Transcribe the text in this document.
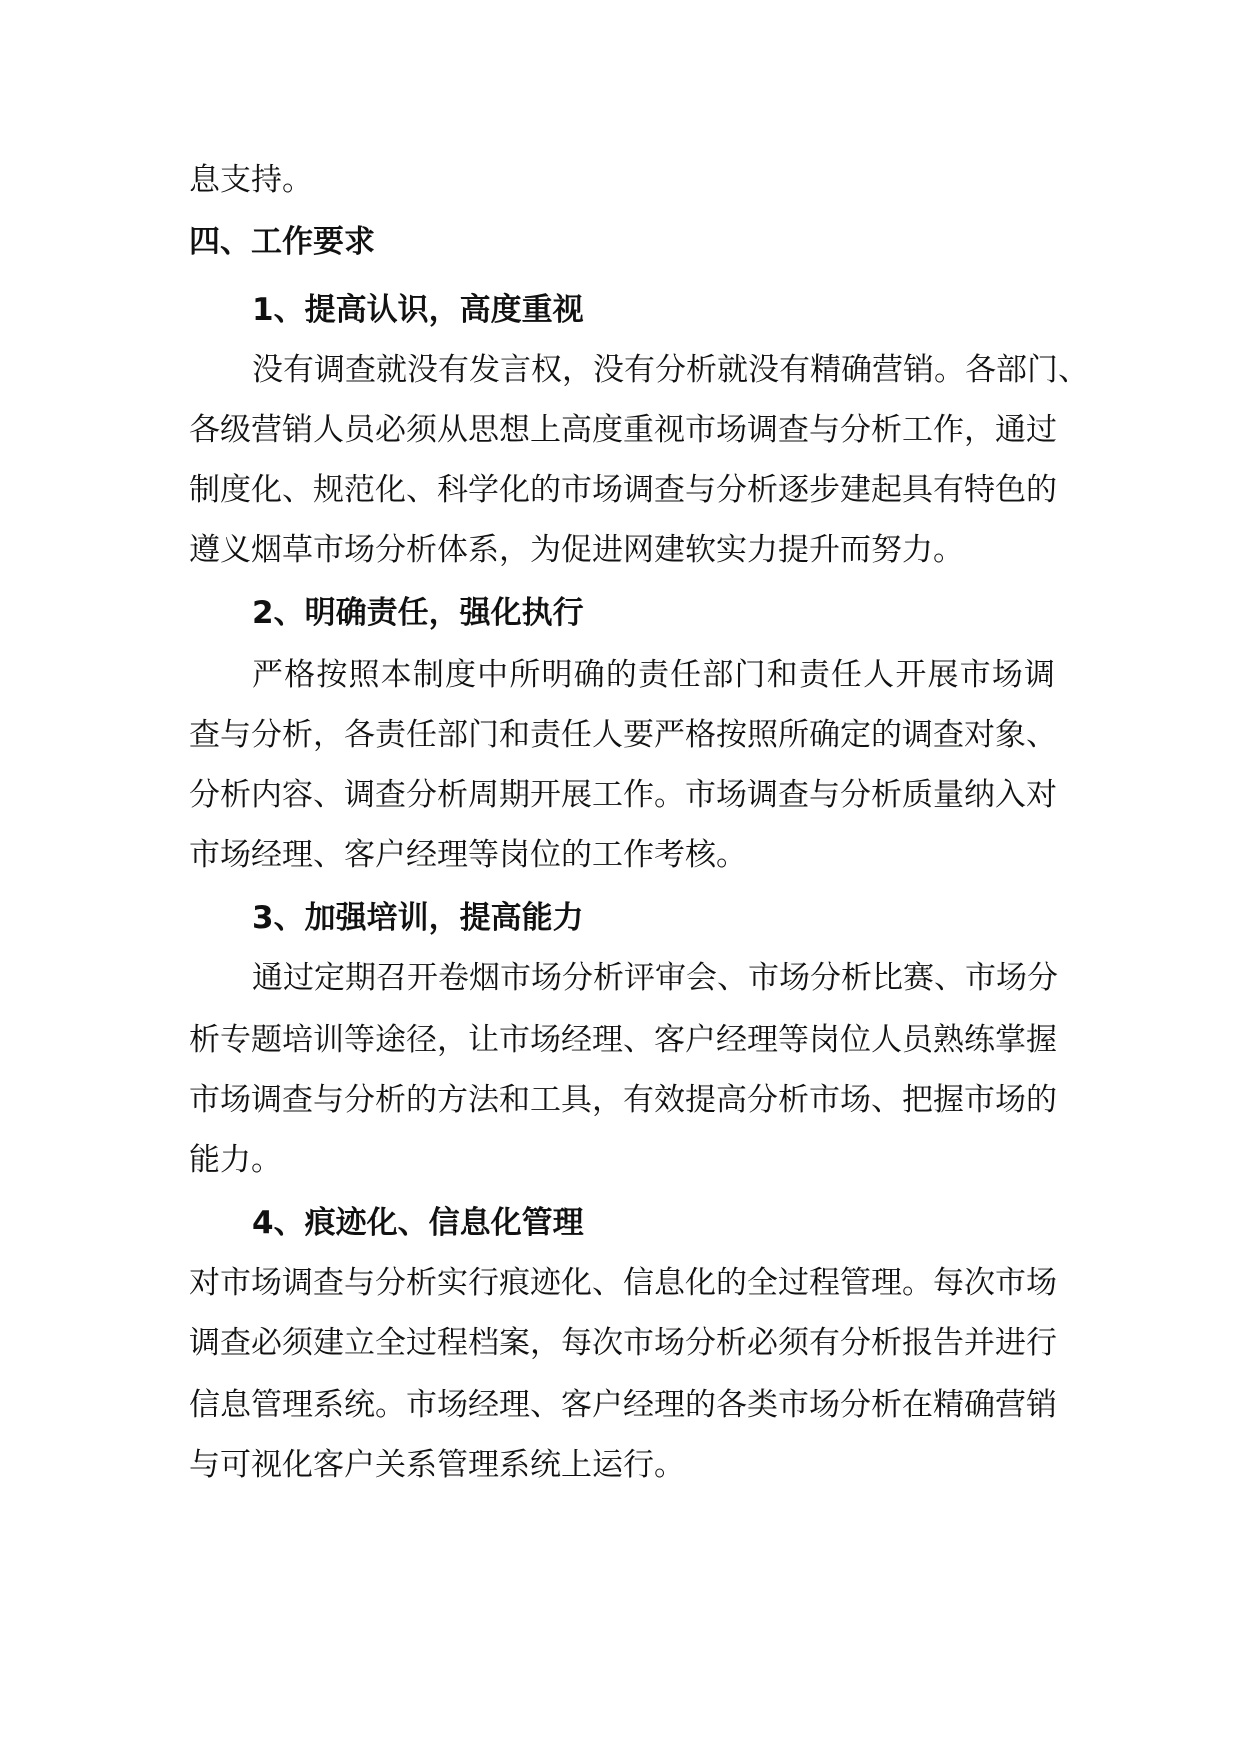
息支持。
四、工作要求
1、提高认识，高度重视
没有调查就没有发言权，没有分析就没有精确营销。各部门、
各级营销人员必须从思想上高度重视市场调查与分析工作，通过
制度化、规范化、科学化的市场调查与分析逐步建起具有特色的
遵义烟草市场分析体系，为促进网建软实力提升而努力。
2、明确责任，强化执行
严格按照本制度中所明确的责任部门和责任人开展市场调
查与分析，各责任部门和责任人要严格按照所确定的调查对象、
分析内容、调查分析周期开展工作。市场调查与分析质量纳入对
市场经理、客户经理等岗位的工作考核。
3、加强培训，提高能力
通过定期召开卷烟市场分析评审会、市场分析比赛、市场分
析专题培训等途径，让市场经理、客户经理等岗位人员熟练掌握
市场调查与分析的方法和工具，有效提高分析市场、把握市场的
能力。
4、痕迹化、信息化管理
对市场调查与分析实行痕迹化、信息化的全过程管理。每次市场
调查必须建立全过程档案，每次市场分析必须有分析报告并进行
信息管理系统。市场经理、客户经理的各类市场分析在精确营销
与可视化客户关系管理系统上运行。
